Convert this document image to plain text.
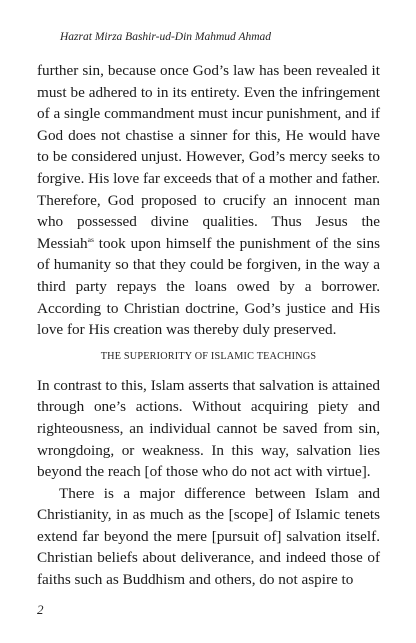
Hazrat Mirza Bashir-ud-Din Mahmud Ahmad

further sin, because once God’s law has been revealed it must be adhered to in its entirety. Even the infringement of a single commandment must incur punishment, and if God does not chastise a sinner for this, He would have to be considered unjust. However, God’s mercy seeks to forgive. His love far exceeds that of a mother and father. Therefore, God proposed to crucify an innocent man who possessed divine qualities. Thus Jesus the Messiah$^{as}$ took upon himself the punishment of the sins of humanity so that they could be forgiven, in the way a third party repays the loans owed by a borrower. According to Christian doctrine, God’s justice and His love for His creation was thereby duly preserved.

THE SUPERIORITY OF ISLAMIC TEACHINGS

In contrast to this, Islam asserts that salvation is attained through one’s actions. Without acquiring piety and righteousness, an individual cannot be saved from sin, wrongdoing, or weakness. In this way, salvation lies beyond the reach [of those who do not act with virtue].

There is a major difference between Islam and Christianity, in as much as the [scope] of Islamic tenets extend far beyond the mere [pursuit of] salvation itself. Christian beliefs about deliverance, and indeed those of faiths such as Buddhism and others, do not aspire to

2
